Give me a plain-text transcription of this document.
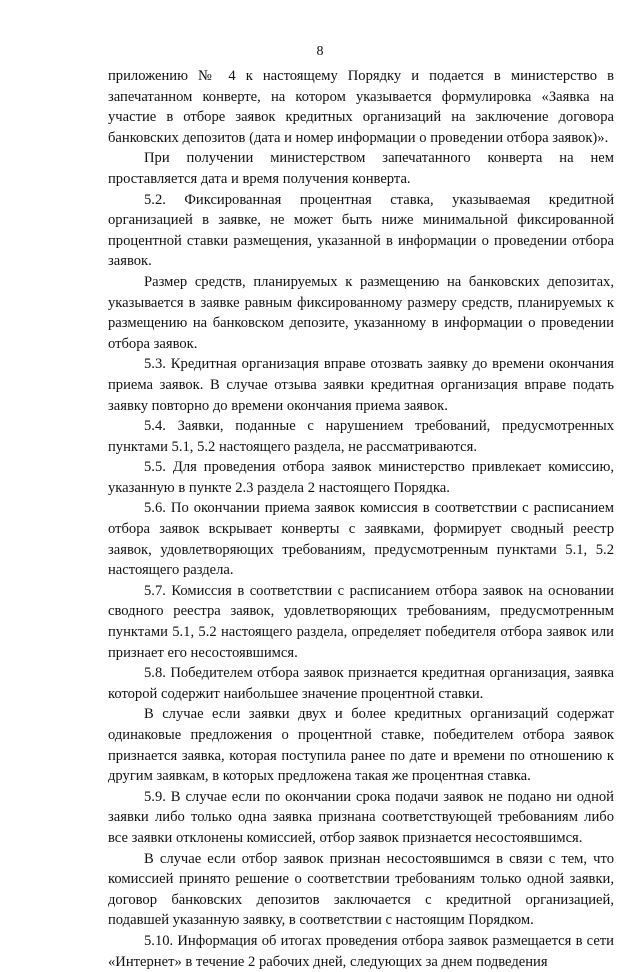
8

приложению № 4 к настоящему Порядку и подается в министерство в запечатанном конверте, на котором указывается формулировка «Заявка на участие в отборе заявок кредитных организаций на заключение договора банковских депозитов (дата и номер информации о проведении отбора заявок)».

При получении министерством запечатанного конверта на нем проставляется дата и время получения конверта.

5.2. Фиксированная процентная ставка, указываемая кредитной организацией в заявке, не может быть ниже минимальной фиксированной процентной ставки размещения, указанной в информации о проведении отбора заявок.

Размер средств, планируемых к размещению на банковских депозитах, указывается в заявке равным фиксированному размеру средств, планируемых к размещению на банковском депозите, указанному в информации о проведении отбора заявок.

5.3. Кредитная организация вправе отозвать заявку до времени окончания приема заявок. В случае отзыва заявки кредитная организация вправе подать заявку повторно до времени окончания приема заявок.

5.4. Заявки, поданные с нарушением требований, предусмотренных пунктами 5.1, 5.2 настоящего раздела, не рассматриваются.

5.5. Для проведения отбора заявок министерство привлекает комиссию, указанную в пункте 2.3 раздела 2 настоящего Порядка.

5.6. По окончании приема заявок комиссия в соответствии с расписанием отбора заявок вскрывает конверты с заявками, формирует сводный реестр заявок, удовлетворяющих требованиям, предусмотренным пунктами 5.1, 5.2 настоящего раздела.

5.7. Комиссия в соответствии с расписанием отбора заявок на основании сводного реестра заявок, удовлетворяющих требованиям, предусмотренным пунктами 5.1, 5.2 настоящего раздела, определяет победителя отбора заявок или признает его несостоявшимся.

5.8. Победителем отбора заявок признается кредитная организация, заявка которой содержит наибольшее значение процентной ставки.

В случае если заявки двух и более кредитных организаций содержат одинаковые предложения о процентной ставке, победителем отбора заявок признается заявка, которая поступила ранее по дате и времени по отношению к другим заявкам, в которых предложена такая же процентная ставка.

5.9. В случае если по окончании срока подачи заявок не подано ни одной заявки либо только одна заявка признана соответствующей требованиям либо все заявки отклонены комиссией, отбор заявок признается несостоявшимся.

В случае если отбор заявок признан несостоявшимся в связи с тем, что комиссией принято решение о соответствии требованиям только одной заявки, договор банковских депозитов заключается с кредитной организацией, подавшей указанную заявку, в соответствии с настоящим Порядком.

5.10. Информация об итогах проведения отбора заявок размещается в сети «Интернет» в течение 2 рабочих дней, следующих за днем подведения
